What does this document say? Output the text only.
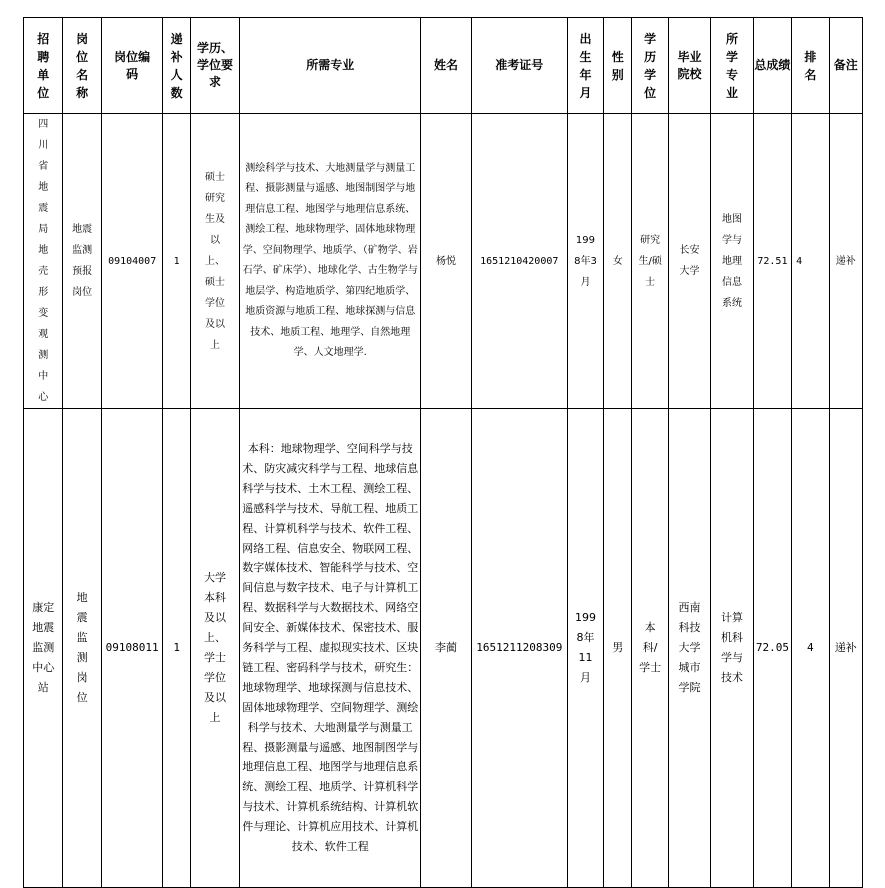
招聘单位	岗位名称	岗位编码	递补人数	学历、学位要求	所需专业	姓名	准考证号	出生年月	性别	学历学位	毕业院校	所学专业	总成绩	排名	备注
四川省地震局地壳形变观测中心	地震监测预报岗位	09104007	1	硕士研究生及以上、硕士学位及以上	测绘科学与技术、大地测量学与测量工程、摄影测量与遥感、地图制图学与地理信息工程、地图学与地理信息系统、测绘工程、地球物理学、固体地球物理学、空间物理学、地质学、（矿物学、岩石学、矿床学）、地球化学、古生物学与地层学、构造地质学、第四纪地质学、地质资源与地质工程、地球探测与信息技术、地质工程、地理学、自然地理学、人文地理学.	杨悦	1651210420007	1998年3月	女	研究生/硕士	长安大学	地图学与地理信息系统	72.51	4	递补
康定地震监测中心站	地震监测岗位	09108011	1	大学本科及以上、学士学位及以上	本科：地球物理学、空间科学与技术、防灾减灾科学与工程、地球信息科学与技术、土木工程、测绘工程、遥感科学与技术、导航工程、地质工程、计算机科学与技术、软件工程、网络工程、信息安全、物联网工程、数字媒体技术、智能科学与技术、空间信息与数字技术、电子与计算机工程、数据科学与大数据技术、网络空间安全、新媒体技术、保密技术、服务科学与工程、虚拟现实技术、区块链工程、密码科学与技术，研究生：地球物理学、地球探测与信息技术、固体地球物理学、空间物理学、测绘科学与技术、大地测量学与测量工程、摄影测量与遥感、地图制图学与地理信息工程、地图学与地理信息系统、测绘工程、地质学、计算机科学与技术、计算机系统结构、计算机软件与理论、计算机应用技术、计算机技术、软件工程	李蔺	1651211208309	1998年11月	男	本科/学士	西南科技大学城市学院	计算机科学与技术	72.05	4	递补
